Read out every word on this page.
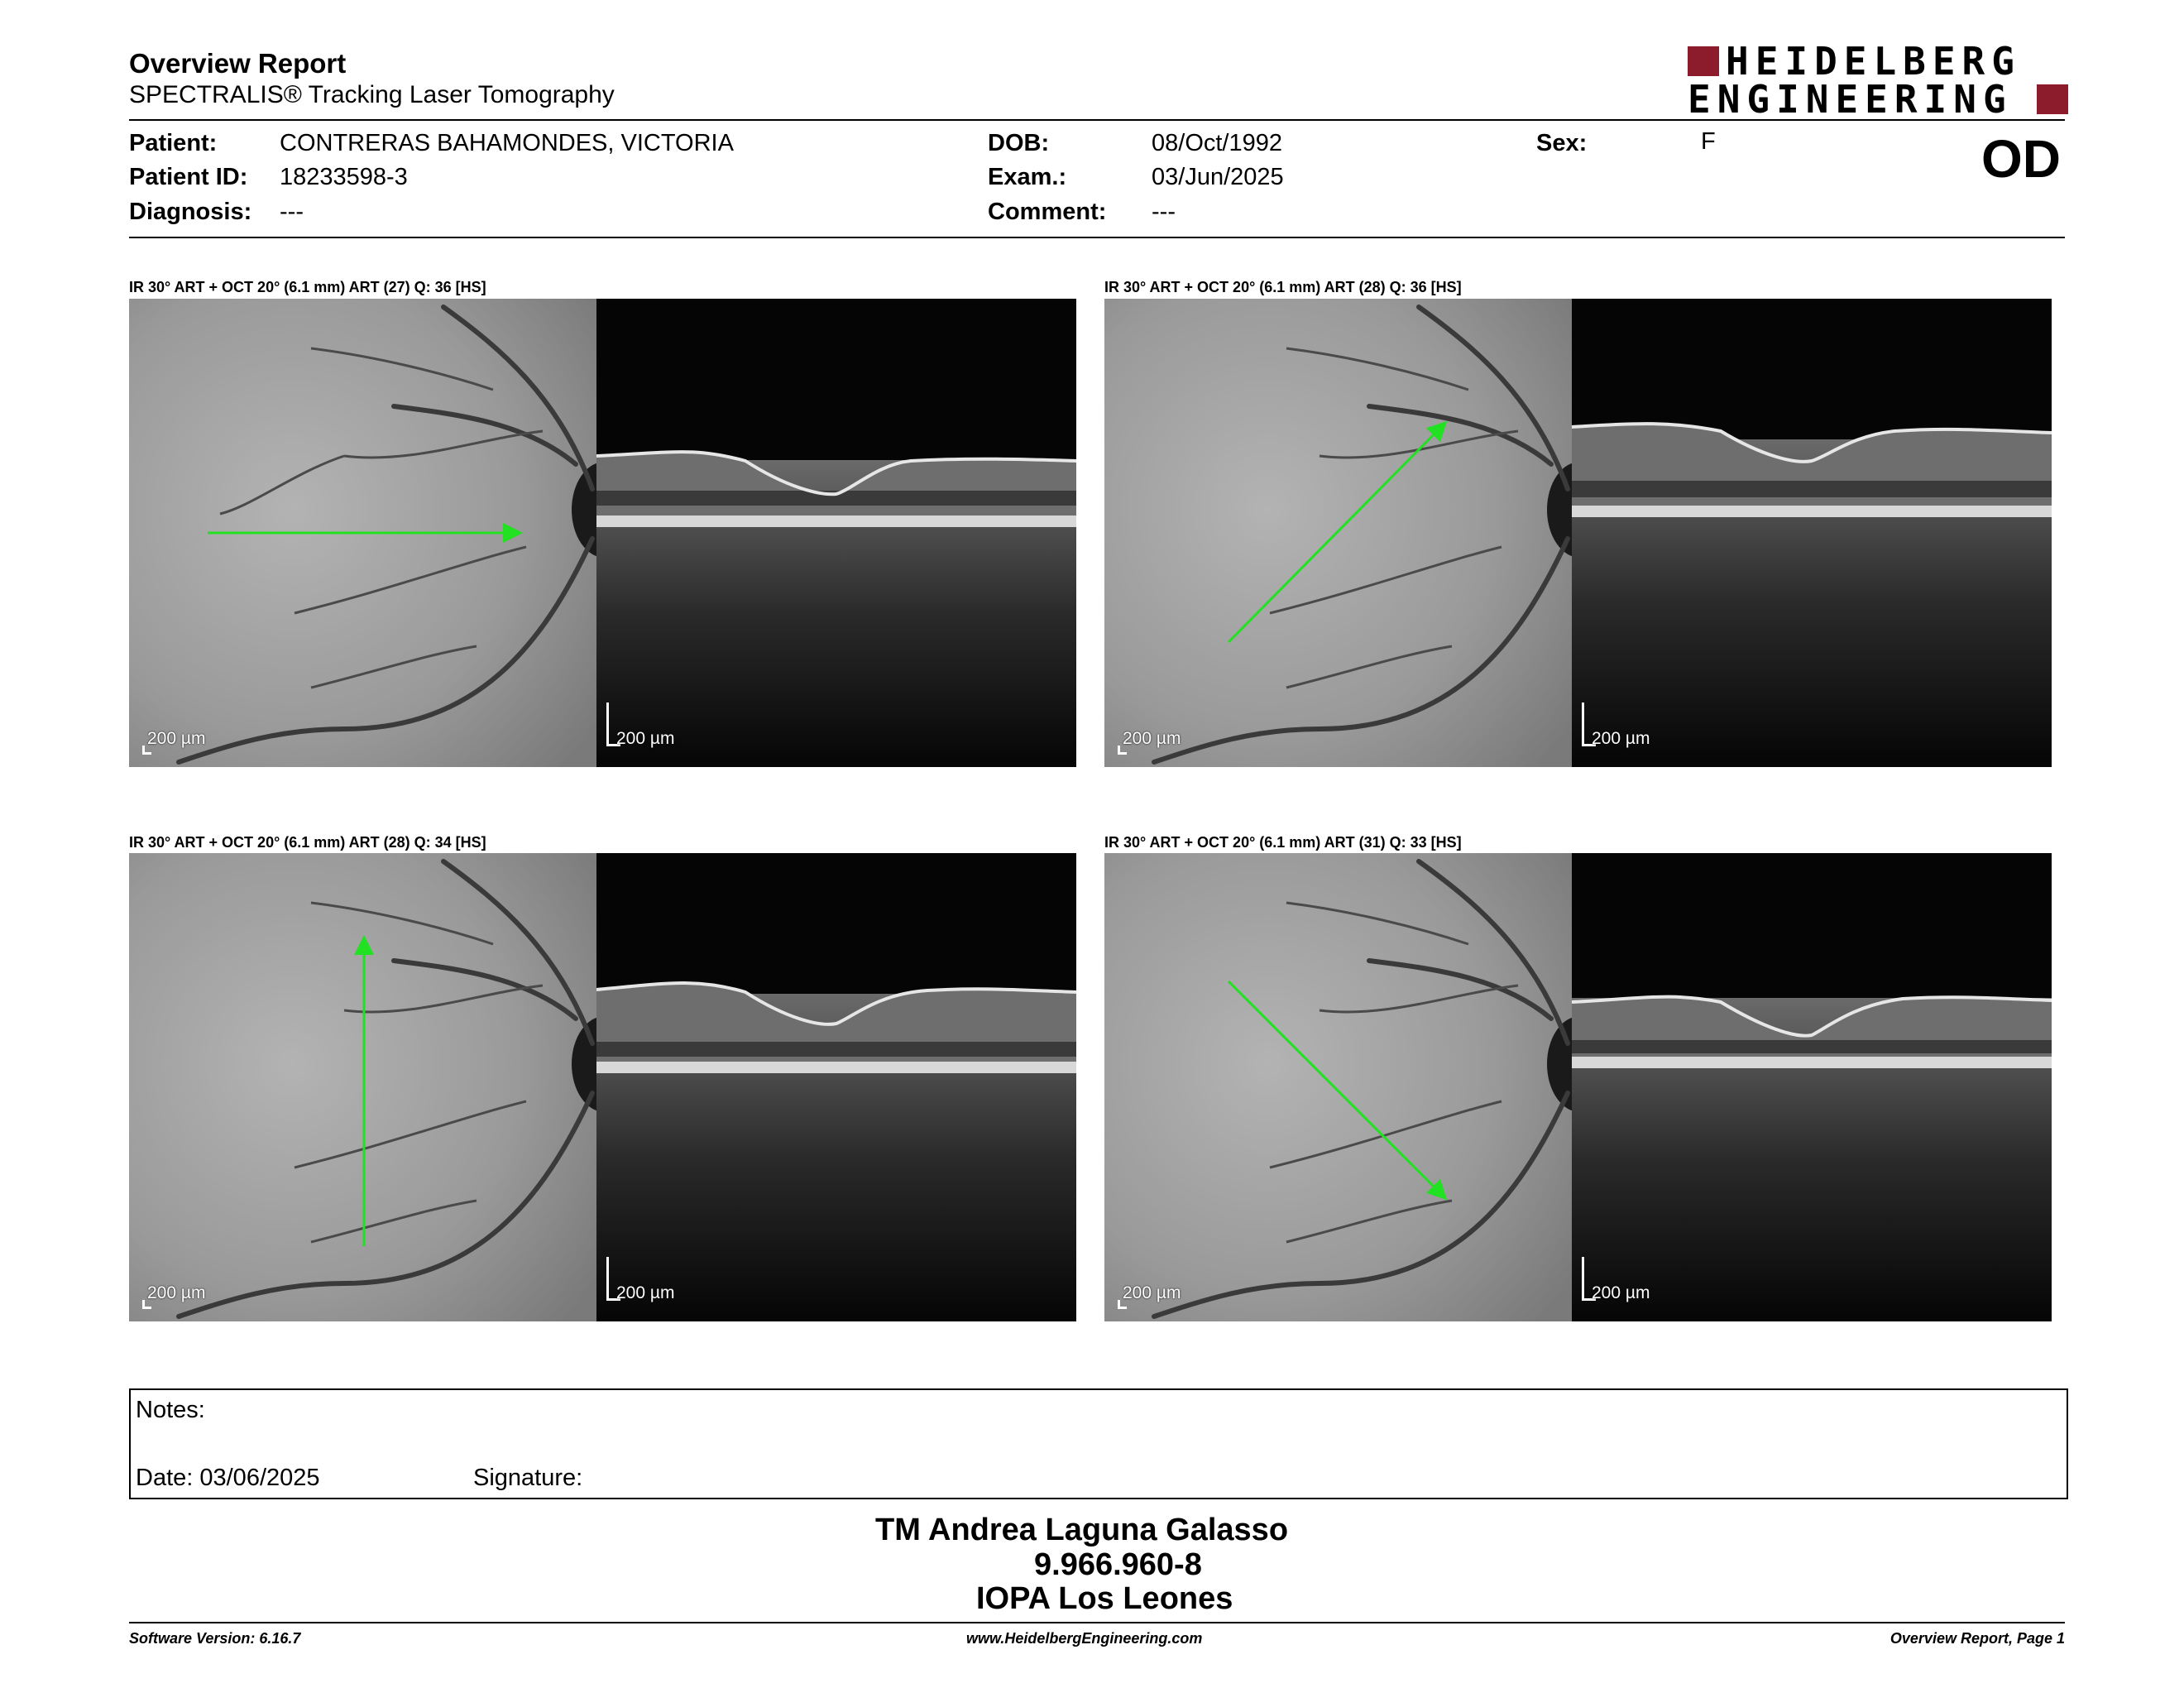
Overview Report
SPECTRALIS® Tracking Laser Tomography
HEIDELBERG
ENGINEERING
Patient:	CONTRERAS BAHAMONDES, VICTORIA
Patient ID: 18233598-3
Diagnosis: ---
DOB:	08/Oct/1992
Exam.:	03/Jun/2025
Comment: ---
Sex:	F	OD
IR 30° ART + OCT 20° (6.1 mm) ART (27) Q: 36 [HS]
200 µm	200 µm
IR 30° ART + OCT 20° (6.1 mm) ART (28) Q: 36 [HS]
200 µm	200 µm
IR 30° ART + OCT 20° (6.1 mm) ART (28) Q: 34 [HS]
200 µm	200 µm
IR 30° ART + OCT 20° (6.1 mm) ART (31) Q: 33 [HS]
200 µm	200 µm
Notes:
Date: 03/06/2025	Signature:
TM Andrea Laguna Galasso
9.966.960-8
IOPA Los Leones
Software Version: 6.16.7	www.HeidelbergEngineering.com	Overview Report, Page 1
